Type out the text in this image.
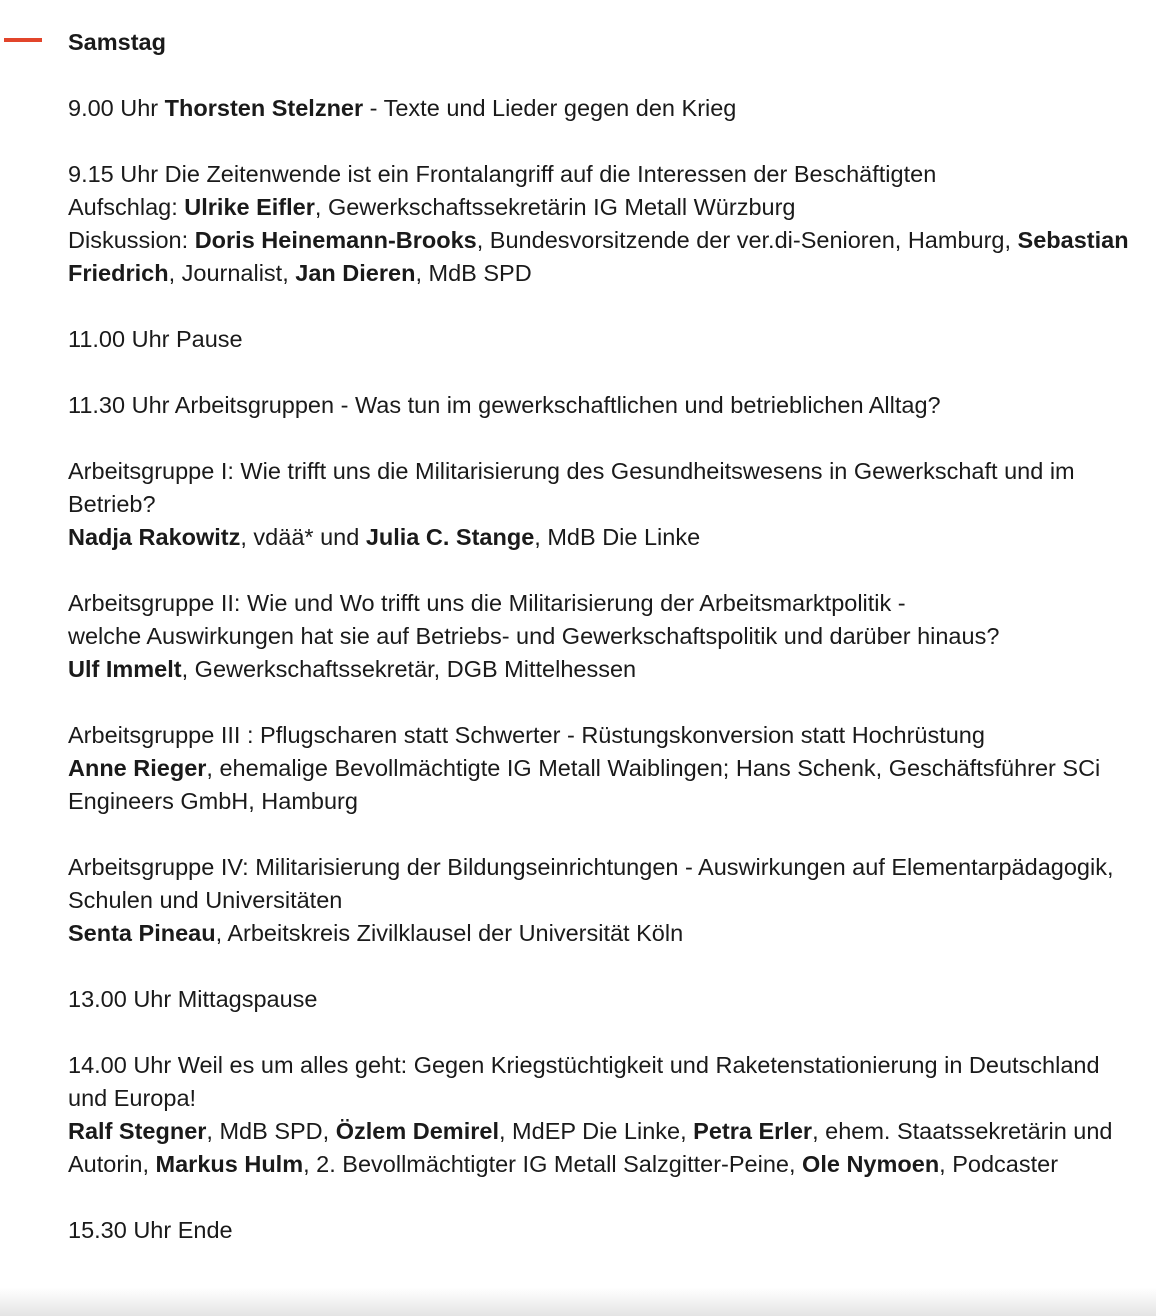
Samstag
9.00 Uhr Thorsten Stelzner - Texte und Lieder gegen den Krieg
9.15 Uhr Die Zeitenwende ist ein Frontalangriff auf die Interessen der Beschäftigten
Aufschlag: Ulrike Eifler, Gewerkschaftssekretärin IG Metall Würzburg
Diskussion: Doris Heinemann-Brooks, Bundesvorsitzende der ver.di-Senioren, Hamburg, Sebastian Friedrich, Journalist, Jan Dieren, MdB SPD
11.00 Uhr Pause
11.30 Uhr Arbeitsgruppen - Was tun im gewerkschaftlichen und betrieblichen Alltag?
Arbeitsgruppe I: Wie trifft uns die Militarisierung des Gesundheitswesens in Gewerkschaft und im Betrieb?
Nadja Rakowitz, vdää* und Julia C. Stange, MdB Die Linke
Arbeitsgruppe II: Wie und Wo trifft uns die Militarisierung der Arbeitsmarktpolitik -
welche Auswirkungen hat sie auf Betriebs- und Gewerkschaftspolitik und darüber hinaus?
Ulf Immelt, Gewerkschaftssekretär, DGB Mittelhessen
Arbeitsgruppe III : Pflugscharen statt Schwerter - Rüstungskonversion statt Hochrüstung
Anne Rieger, ehemalige Bevollmächtigte IG Metall Waiblingen; Hans Schenk, Geschäftsführer SCi Engineers GmbH, Hamburg
Arbeitsgruppe IV: Militarisierung der Bildungseinrichtungen - Auswirkungen auf Elementarpädagogik, Schulen und Universitäten
Senta Pineau, Arbeitskreis Zivilklausel der Universität Köln
13.00 Uhr Mittagspause
14.00 Uhr Weil es um alles geht: Gegen Kriegstüchtigkeit und Raketenstationierung in Deutschland und Europa!
Ralf Stegner, MdB SPD, Özlem Demirel, MdEP Die Linke, Petra Erler, ehem. Staatssekretärin und Autorin, Markus Hulm, 2. Bevollmächtigter IG Metall Salzgitter-Peine, Ole Nymoen, Podcaster
15.30 Uhr Ende
